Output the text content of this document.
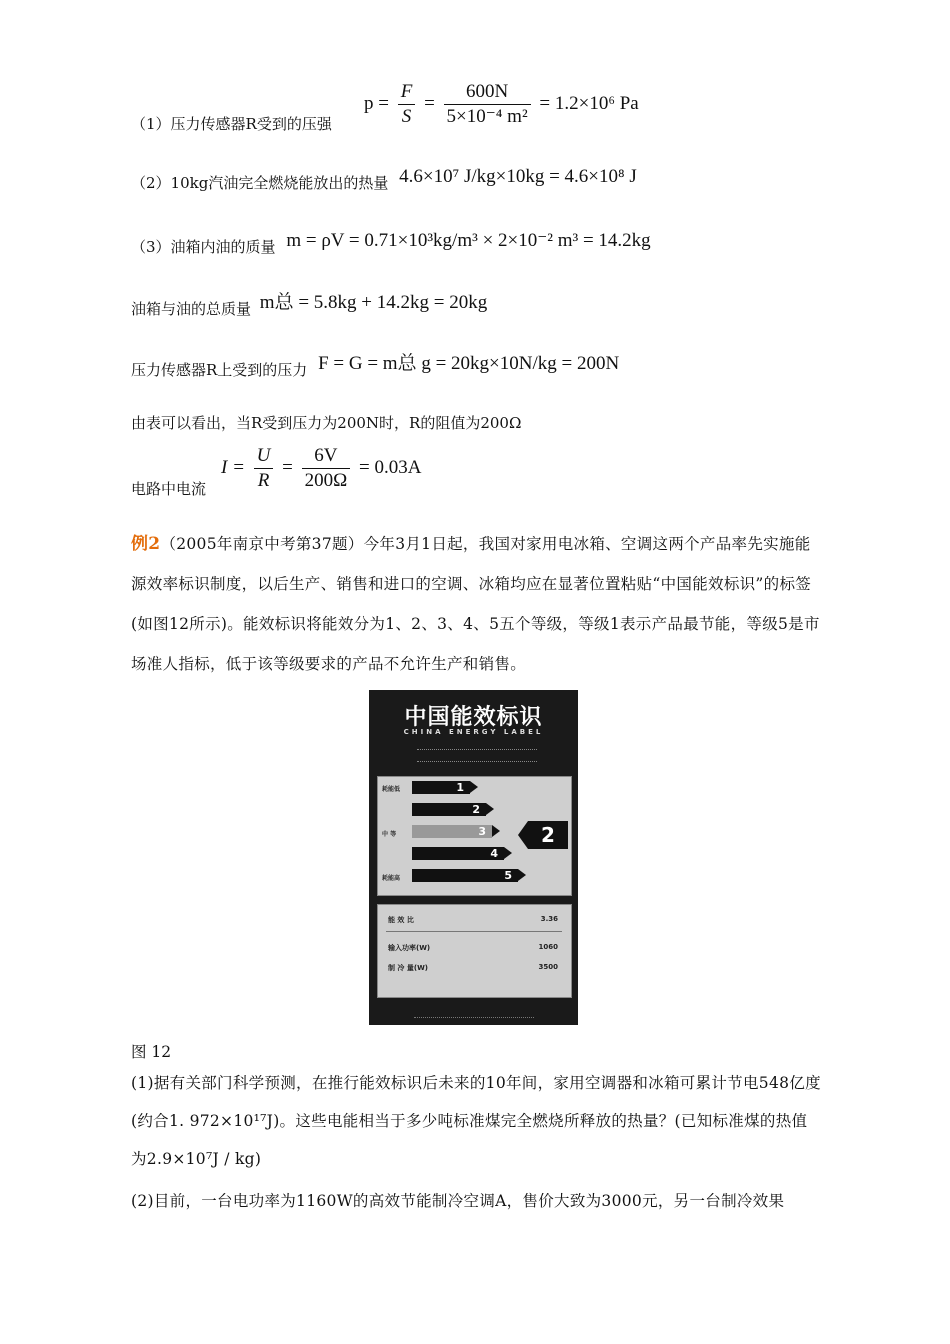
（1）压力传感器R受到的压强
$p = \frac{F}{S} = \frac{600N}{\text{5×10⁻⁴ m²}} = 1.2\times 10^6$ Pa
（2）10kg汽油完全燃烧能放出的热量 4.6×10⁷ J/kg×10kg = 4.6×10⁸ J
（3）油箱内油的质量 m = ρV = 0.71×10³kg/m³ × 2×10⁻² m³ = 14.2kg
油箱与油的总质量 m总 = 5.8kg + 14.2kg = 20kg
压力传感器R上受到的压力 F = G = m总 g = 20kg×10N/kg = 200N
由表可以看出，当R受到压力为200N时，R的阻值为200Ω
电路中电流
$I = \frac{U}{R} = \frac{6V}{200\Omega} = 0.03A$
例2（2005年南京中考第37题）今年3月1日起，我国对家用电冰箱、空调这两个产品率先实施能源效率标识制度，以后生产、销售和进口的空调、冰箱均应在显著位置粘贴“中国能效标识”的标签(如图12所示)。能效标识将能效分为1、2、3、4、5五个等级，等级1表示产品最节能，等级5是市场准人指标，低于该等级要求的产品不允许生产和销售。
中国能效标识
CHINA ENERGY LABEL
耗能低
中 等
耗能高
1
2
3
4
5
2
能 效 比	3.36
输入功率(W)	1060
制 冷 量(W)	3500
图 12
(1)据有关部门科学预测，在推行能效标识后未来的10年间，家用空调器和冰箱可累计节电548亿度(约合1. 972×10¹⁷J)。这些电能相当于多少吨标准煤完全燃烧所释放的热量？(已知标准煤的热值为2.9×10⁷J / kg)
(2)目前，一台电功率为1160W的高效节能制冷空调A，售价大致为3000元，另一台制冷效果
